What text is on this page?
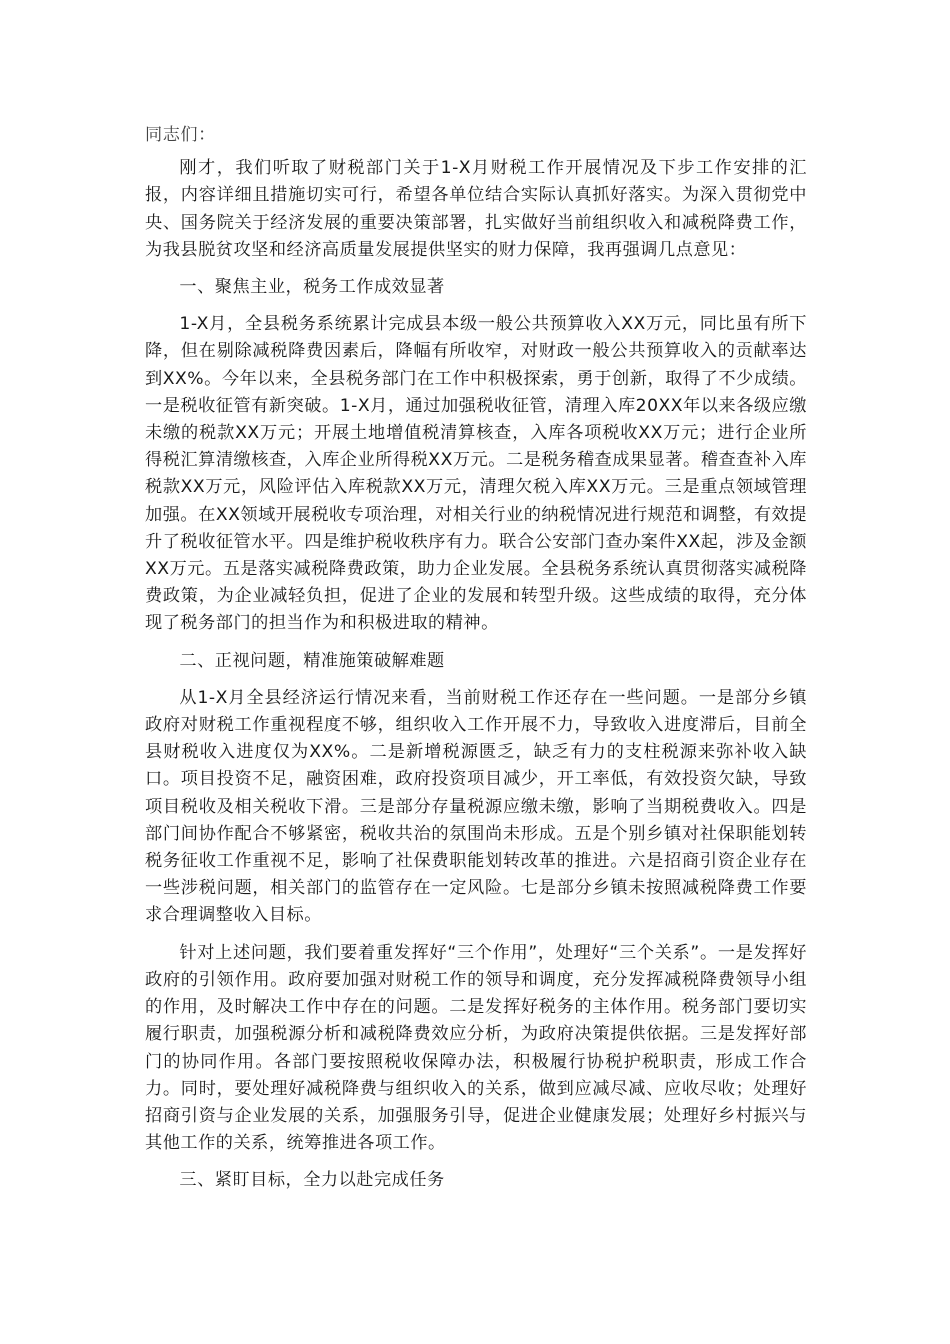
同志们：

刚才，我们听取了财税部门关于1-X月财税工作开展情况及下步工作安排的汇报，内容详细且措施切实可行，希望各单位结合实际认真抓好落实。为深入贯彻党中央、国务院关于经济发展的重要决策部署，扎实做好当前组织收入和减税降费工作，为我县脱贫攻坚和经济高质量发展提供坚实的财力保障，我再强调几点意见：

一、聚焦主业，税务工作成效显著

1-X月，全县税务系统累计完成县本级一般公共预算收入XX万元，同比虽有所下降，但在剔除减税降费因素后，降幅有所收窄，对财政一般公共预算收入的贡献率达到XX%。今年以来，全县税务部门在工作中积极探索，勇于创新，取得了不少成绩。一是税收征管有新突破。1-X月，通过加强税收征管，清理入库20XX年以来各级应缴未缴的税款XX万元；开展土地增值税清算核查，入库各项税收XX万元；进行企业所得税汇算清缴核查，入库企业所得税XX万元。二是税务稽查成果显著。稽查查补入库税款XX万元，风险评估入库税款XX万元，清理欠税入库XX万元。三是重点领域管理加强。在XX领域开展税收专项治理，对相关行业的纳税情况进行规范和调整，有效提升了税收征管水平。四是维护税收秩序有力。联合公安部门查办案件XX起，涉及金额XX万元。五是落实减税降费政策，助力企业发展。全县税务系统认真贯彻落实减税降费政策，为企业减轻负担，促进了企业的发展和转型升级。这些成绩的取得，充分体现了税务部门的担当作为和积极进取的精神。

二、正视问题，精准施策破解难题

从1-X月全县经济运行情况来看，当前财税工作还存在一些问题。一是部分乡镇政府对财税工作重视程度不够，组织收入工作开展不力，导致收入进度滞后，目前全县财税收入进度仅为XX%。二是新增税源匮乏，缺乏有力的支柱税源来弥补收入缺口。项目投资不足，融资困难，政府投资项目减少，开工率低，有效投资欠缺，导致项目税收及相关税收下滑。三是部分存量税源应缴未缴，影响了当期税费收入。四是部门间协作配合不够紧密，税收共治的氛围尚未形成。五是个别乡镇对社保职能划转税务征收工作重视不足，影响了社保费职能划转改革的推进。六是招商引资企业存在一些涉税问题，相关部门的监管存在一定风险。七是部分乡镇未按照减税降费工作要求合理调整收入目标。

针对上述问题，我们要着重发挥好“三个作用”，处理好“三个关系”。一是发挥好政府的引领作用。政府要加强对财税工作的领导和调度，充分发挥减税降费领导小组的作用，及时解决工作中存在的问题。二是发挥好税务的主体作用。税务部门要切实履行职责，加强税源分析和减税降费效应分析，为政府决策提供依据。三是发挥好部门的协同作用。各部门要按照税收保障办法，积极履行协税护税职责，形成工作合力。同时，要处理好减税降费与组织收入的关系，做到应减尽减、应收尽收；处理好招商引资与企业发展的关系，加强服务引导，促进企业健康发展；处理好乡村振兴与其他工作的关系，统筹推进各项工作。

三、紧盯目标，全力以赴完成任务
